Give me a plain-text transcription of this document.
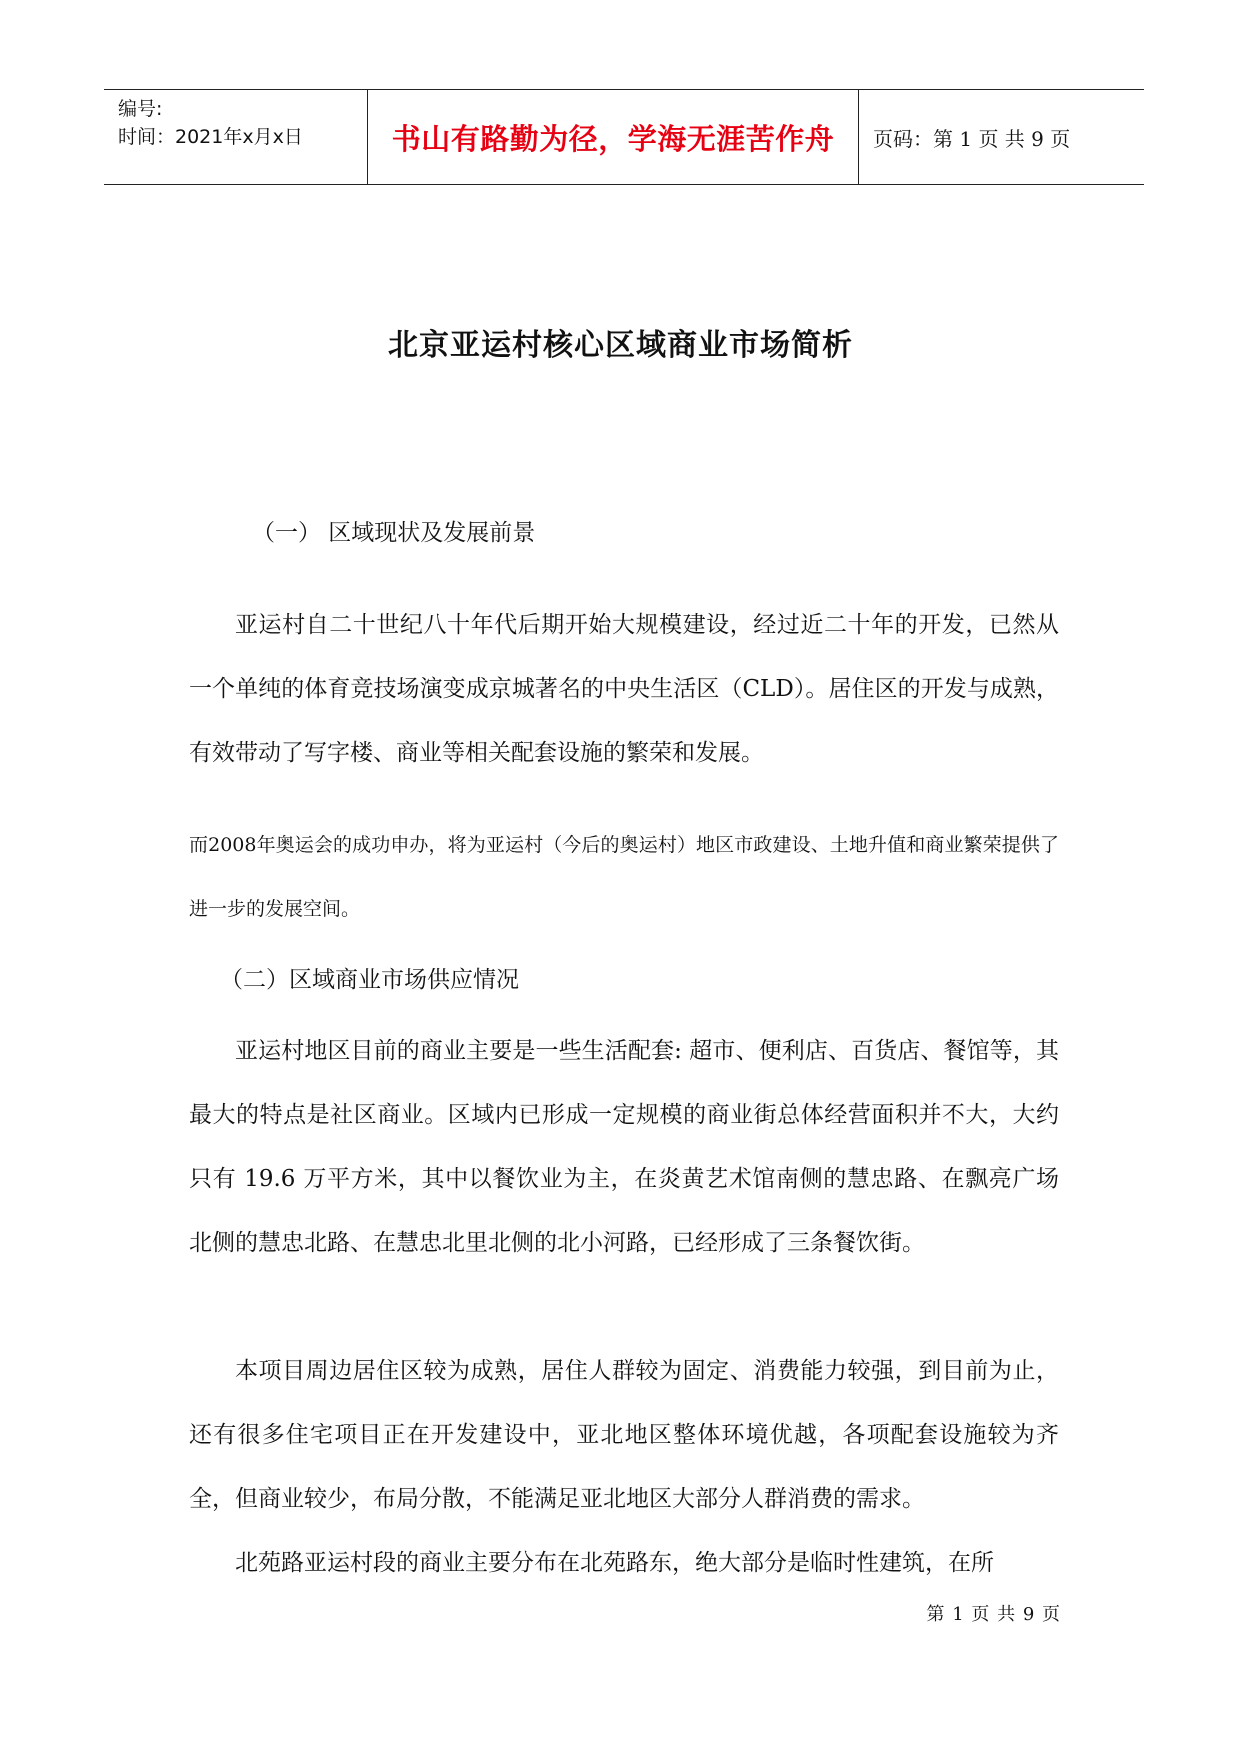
编号:
时间：2021年x月x日	书山有路勤为径，学海无涯苦作舟	页码：第 1 页 共 9 页
北京亚运村核心区域商业市场简析
（一） 区域现状及发展前景

亚运村自二十世纪八十年代后期开始大规模建设，经过近二十年的开发，已然从一个单纯的体育竞技场演变成京城著名的中央生活区（CLD）。居住区的开发与成熟，有效带动了写字楼、商业等相关配套设施的繁荣和发展。

而2008年奥运会的成功申办，将为亚运村（今后的奥运村）地区市政建设、土地升值和商业繁荣提供了进一步的发展空间。

（二）区域商业市场供应情况

亚运村地区目前的商业主要是一些生活配套: 超市、便利店、百货店、餐馆等，其最大的特点是社区商业。区域内已形成一定规模的商业街总体经营面积并不大，大约只有 19.6 万平方米，其中以餐饮业为主，在炎黄艺术馆南侧的慧忠路、在飘亮广场北侧的慧忠北路、在慧忠北里北侧的北小河路，已经形成了三条餐饮街。

本项目周边居住区较为成熟，居住人群较为固定、消费能力较强，到目前为止，还有很多住宅项目正在开发建设中，亚北地区整体环境优越，各项配套设施较为齐全，但商业较少，布局分散，不能满足亚北地区大部分人群消费的需求。

北苑路亚运村段的商业主要分布在北苑路东，绝大部分是临时性建筑，在所

第 1 页 共 9 页
